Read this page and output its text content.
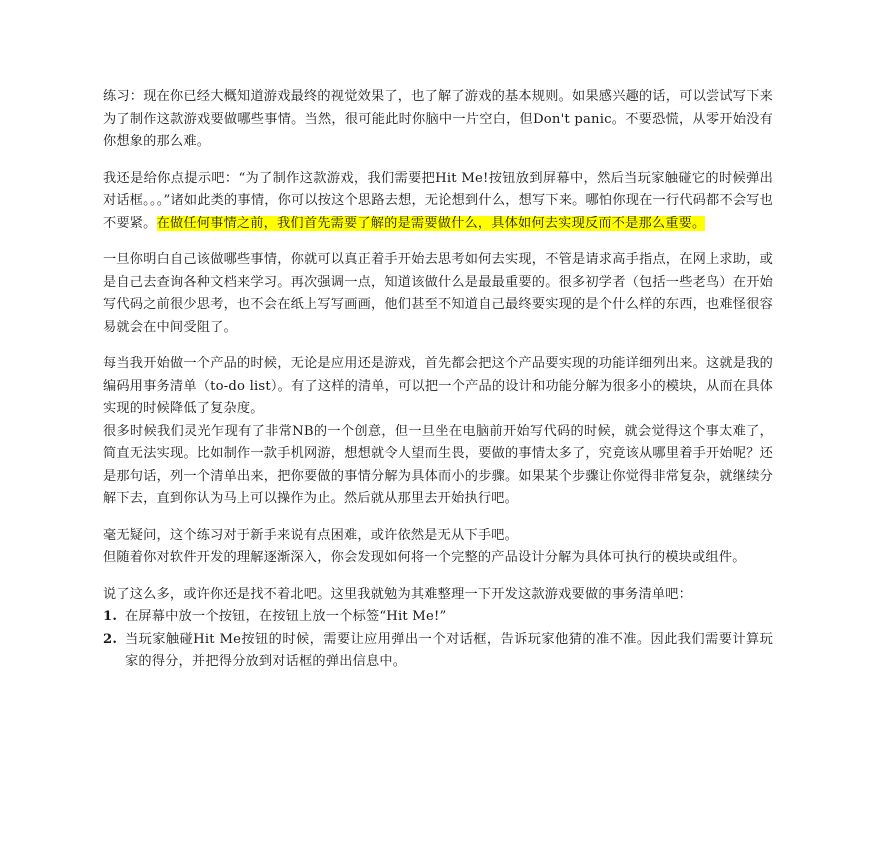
练习：现在你已经大概知道游戏最终的视觉效果了，也了解了游戏的基本规则。如果感兴趣的话，可以尝试写下来为了制作这款游戏要做哪些事情。当然，很可能此时你脑中一片空白，但Don't panic。不要恐慌，从零开始没有你想象的那么难。

我还是给你点提示吧：“为了制作这款游戏，我们需要把Hit Me!按钮放到屏幕中，然后当玩家触碰它的时候弹出对话框。。。”诸如此类的事情，你可以按这个思路去想，无论想到什么，想写下来。哪怕你现在一行代码都不会写也不要紧。在做任何事情之前，我们首先需要了解的是需要做什么，具体如何去实现反而不是那么重要。

一旦你明白自己该做哪些事情，你就可以真正着手开始去思考如何去实现，不管是请求高手指点，在网上求助，或是自己去查询各种文档来学习。再次强调一点，知道该做什么是最最重要的。很多初学者（包括一些老鸟）在开始写代码之前很少思考，也不会在纸上写写画画，他们甚至不知道自己最终要实现的是个什么样的东西，也难怪很容易就会在中间受阻了。

每当我开始做一个产品的时候，无论是应用还是游戏，首先都会把这个产品要实现的功能详细列出来。这就是我的编码用事务清单（to-do list）。有了这样的清单，可以把一个产品的设计和功能分解为很多小的模块，从而在具体实现的时候降低了复杂度。

很多时候我们灵光乍现有了非常NB的一个创意，但一旦坐在电脑前开始写代码的时候，就会觉得这个事太难了，简直无法实现。比如制作一款手机网游，想想就令人望而生畏，要做的事情太多了，究竟该从哪里着手开始呢？还是那句话，列一个清单出来，把你要做的事情分解为具体而小的步骤。如果某个步骤让你觉得非常复杂，就继续分解下去，直到你认为马上可以操作为止。然后就从那里去开始执行吧。

毫无疑问，这个练习对于新手来说有点困难，或许依然是无从下手吧。

但随着你对软件开发的理解逐渐深入，你会发现如何将一个完整的产品设计分解为具体可执行的模块或组件。

说了这么多，或许你还是找不着北吧。这里我就勉为其难整理一下开发这款游戏要做的事务清单吧：

1. 在屏幕中放一个按钮，在按钮上放一个标签“Hit Me!”
2. 当玩家触碰Hit Me按钮的时候，需要让应用弹出一个对话框，告诉玩家他猜的准不准。因此我们需要计算玩家的得分，并把得分放到对话框的弹出信息中。
